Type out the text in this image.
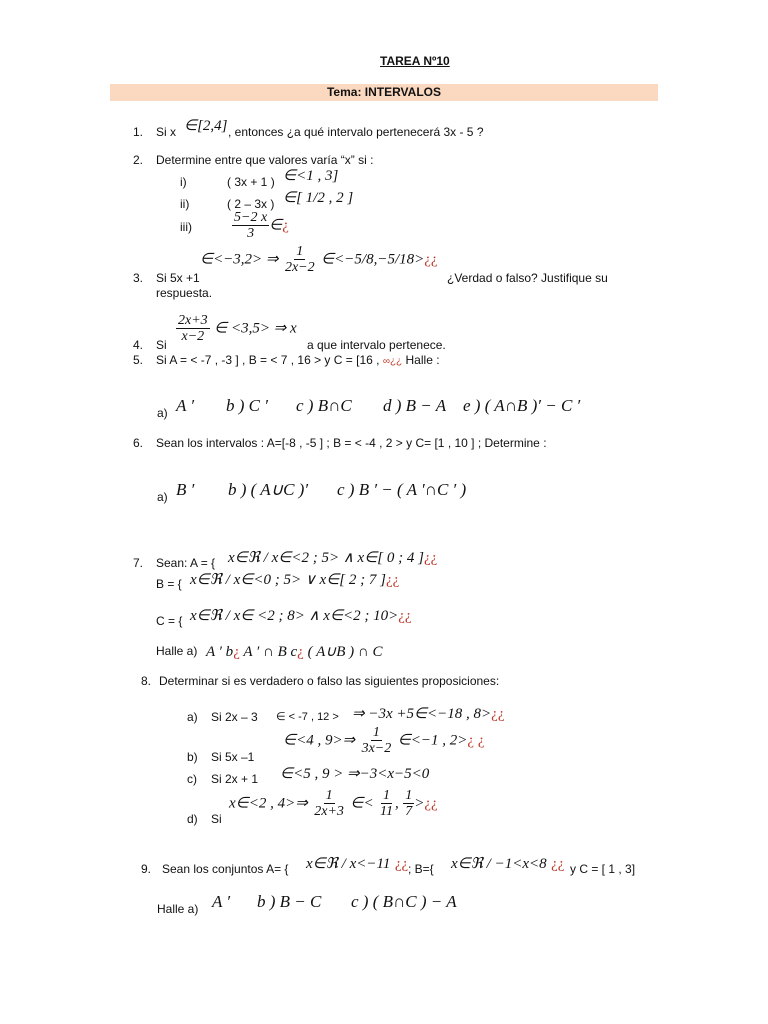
TAREA Nº10
Tema: INTERVALOS
1. Si x ∈[2,4] , entonces ¿a qué intervalo pertenecerá 3x - 5 ?
2. Determine entre que valores varía “x” si :
i)	( 3x + 1 ) ∈<1 , 3]
ii)	( 2 – 3x ) ∈[ 1/2 , 2 ]
iii)	$\frac{5-2 x}{3}$ ∈¿
∈<−3,2> ⇒ $\frac{1}{2x-2}$ ∈<−5/8,−5/18>¿¿
3. Si 5x +1	¿Verdad o falso? Justifique su
respuesta.
$\frac{2x+3}{x-2}$ ∈ <3,5> ⇒ x
4. Si	a que intervalo pertenece.
5. Si A = < -7 , -3 ] , B = < 7 , 16 > y C = [16 , ∞¿¿ Halle :
a) A ′ b ) C ′ c ) B∩C d ) B − A e ) ( A∩B )′ − C ′
6. Sean los intervalos : A=[-8 , -5 ] ; B = < -4 , 2 > y C= [1 , 10 ] ; Determine :
a) B ′ b ) ( A∪C )′ c ) B ′ − ( A ′∩C ′ )
7. Sean: A = { x∈ℜ / x∈<2 ; 5> ∧ x∈[ 0 ; 4 ]¿¿
B = { x∈ℜ / x∈<0 ; 5> ∨ x∈[ 2 ; 7 ]¿¿
C = { x∈ℜ / x∈ <2 ; 8> ∧ x∈<2 ; 10>¿¿
Halle a) A ′ b¿ A ′ ∩ B c¿ ( A∪B ) ∩ C
8. Determinar si es verdadero o falso las siguientes proposiciones:
a) Si 2x – 3 ∈ < -7 , 12 > ⇒ −3x +5∈<−18 , 8>¿¿
∈<4 , 9>⇒ $\frac{1}{3x-2}$ ∈<−1 , 2>¿ ¿
b) Si 5x –1
c) Si 2x + 1 ∈<5 , 9 > ⇒−3<x−5<0
x∈<2 , 4>⇒ $\frac{1}{2x+3}$ ∈< $\frac{1}{11}$ , $\frac{1}{7}$ >¿¿
d) Si
9. Sean los conjuntos A= { x∈ℜ / x<−11 ¿¿ ; B={ x∈ℜ / −1<x<8 ¿¿ y C = [ 1 , 3]
Halle a) A ′ b ) B − C c ) ( B∩C ) − A
